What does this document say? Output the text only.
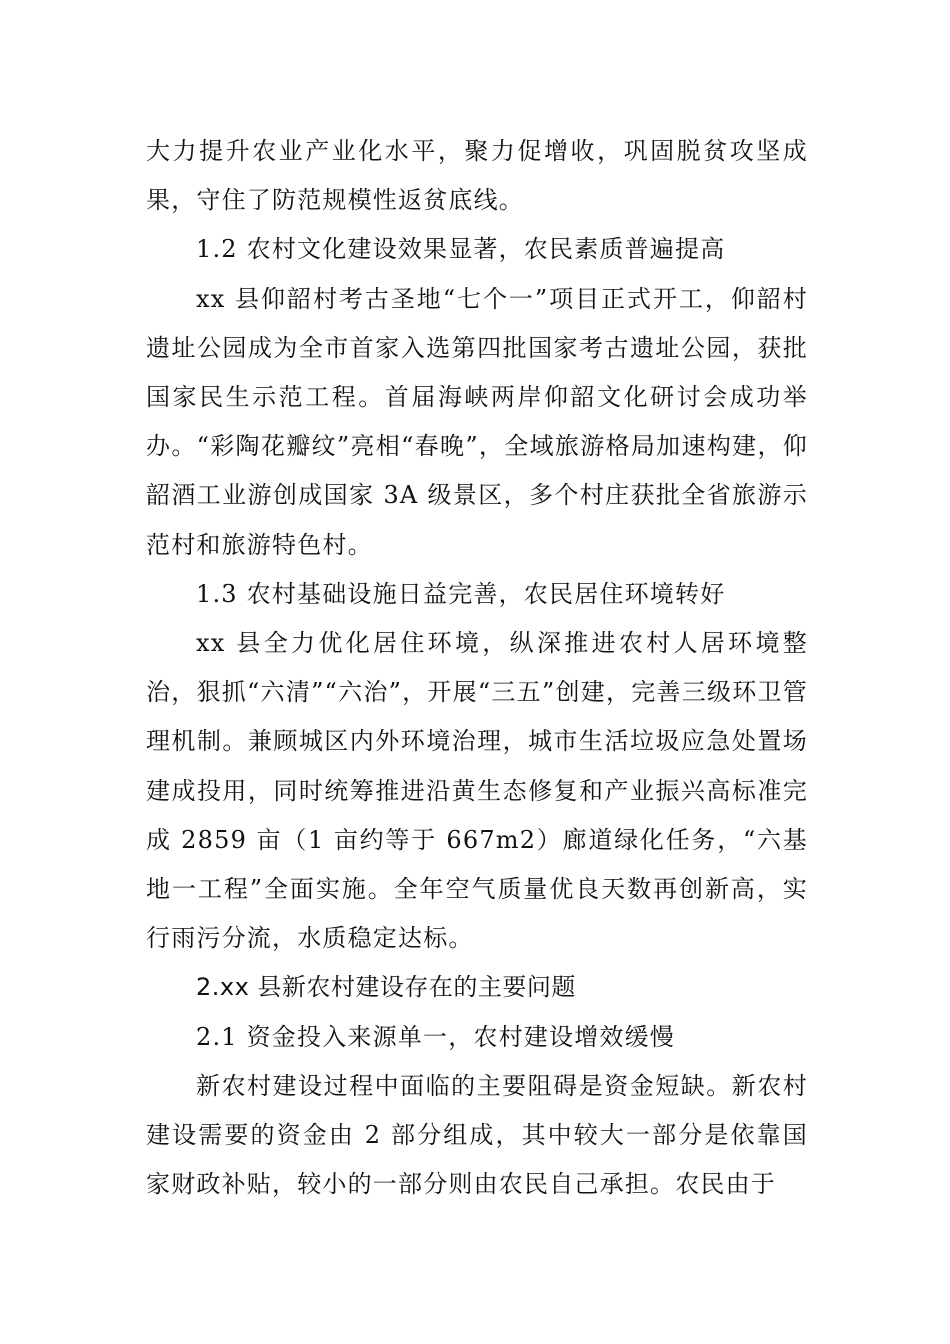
大力提升农业产业化水平，聚力促增收，巩固脱贫攻坚成果，守住了防范规模性返贫底线。

1.2 农村文化建设效果显著，农民素质普遍提高

xx 县仰韶村考古圣地“七个一”项目正式开工，仰韶村遗址公园成为全市首家入选第四批国家考古遗址公园，获批国家民生示范工程。首届海峡两岸仰韶文化研讨会成功举办。“彩陶花瓣纹”亮相“春晚”，全域旅游格局加速构建，仰韶酒工业游创成国家 3A 级景区，多个村庄获批全省旅游示范村和旅游特色村。

1.3 农村基础设施日益完善，农民居住环境转好

xx 县全力优化居住环境，纵深推进农村人居环境整治，狠抓“六清”“六治”，开展“三五”创建，完善三级环卫管理机制。兼顾城区内外环境治理，城市生活垃圾应急处置场建成投用，同时统筹推进沿黄生态修复和产业振兴高标准完成 2859 亩（1 亩约等于 667m2）廊道绿化任务，“六基地一工程”全面实施。全年空气质量优良天数再创新高，实行雨污分流，水质稳定达标。

2.xx 县新农村建设存在的主要问题

2.1 资金投入来源单一，农村建设增效缓慢

新农村建设过程中面临的主要阻碍是资金短缺。新农村建设需要的资金由 2 部分组成，其中较大一部分是依靠国家财政补贴，较小的一部分则由农民自己承担。农民由于
